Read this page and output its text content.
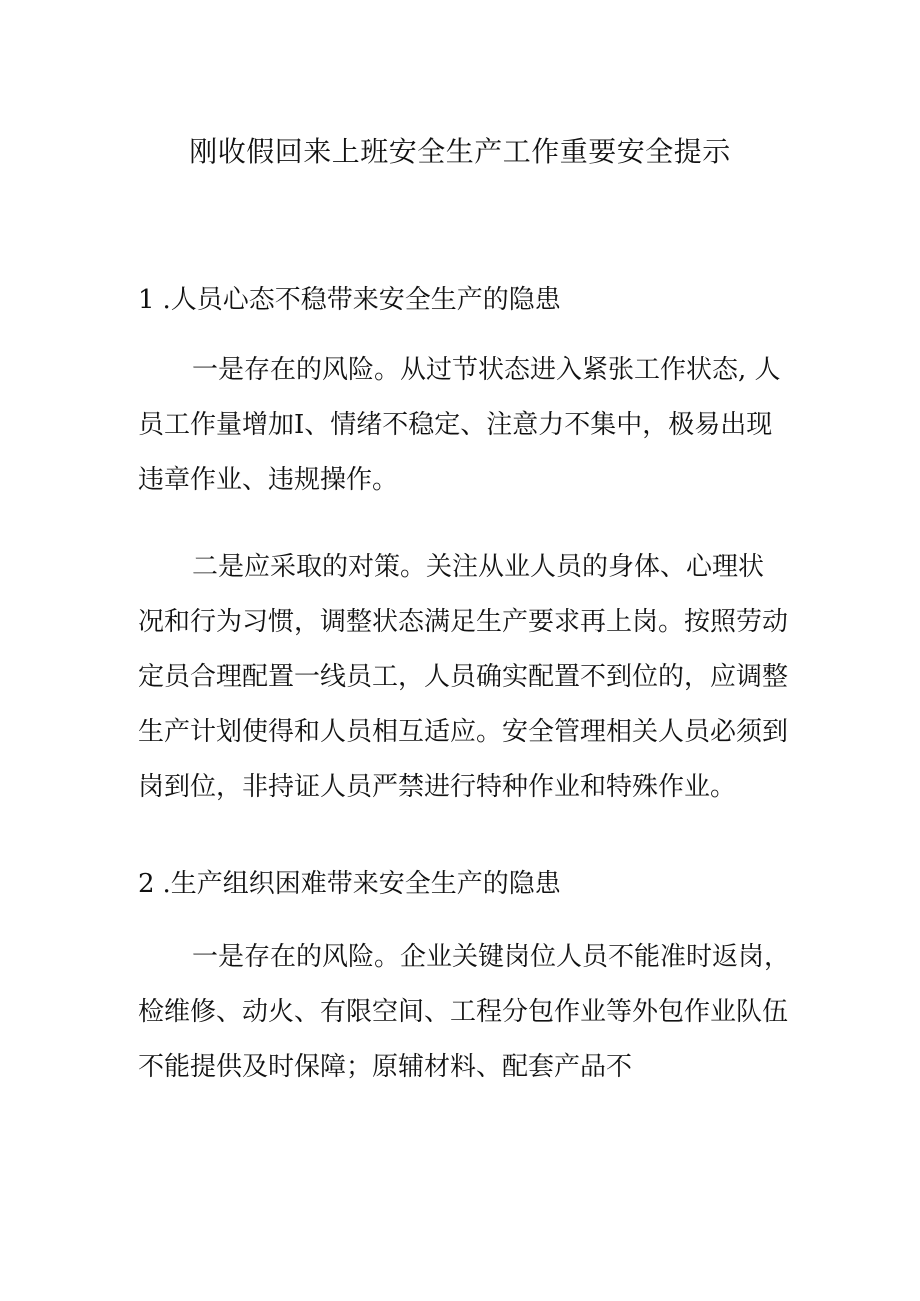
刚收假回来上班安全生产工作重要安全提示
1 .人员心态不稳带来安全生产的隐患
一是存在的风险。从过节状态进入紧张工作状态, 人
员工作量增加I、情绪不稳定、注意力不集中，极易出现
违章作业、违规操作。
二是应采取的对策。关注从业人员的身体、心理状
况和行为习惯，调整状态满足生产要求再上岗。按照劳动
定员合理配置一线员工，人员确实配置不到位的，应调整
生产计划使得和人员相互适应。安全管理相关人员必须到
岗到位，非持证人员严禁进行特种作业和特殊作业。
2 .生产组织困难带来安全生产的隐患
一是存在的风险。企业关键岗位人员不能准时返岗，
检维修、动火、有限空间、工程分包作业等外包作业队伍
不能提供及时保障；原辅材料、配套产品不
